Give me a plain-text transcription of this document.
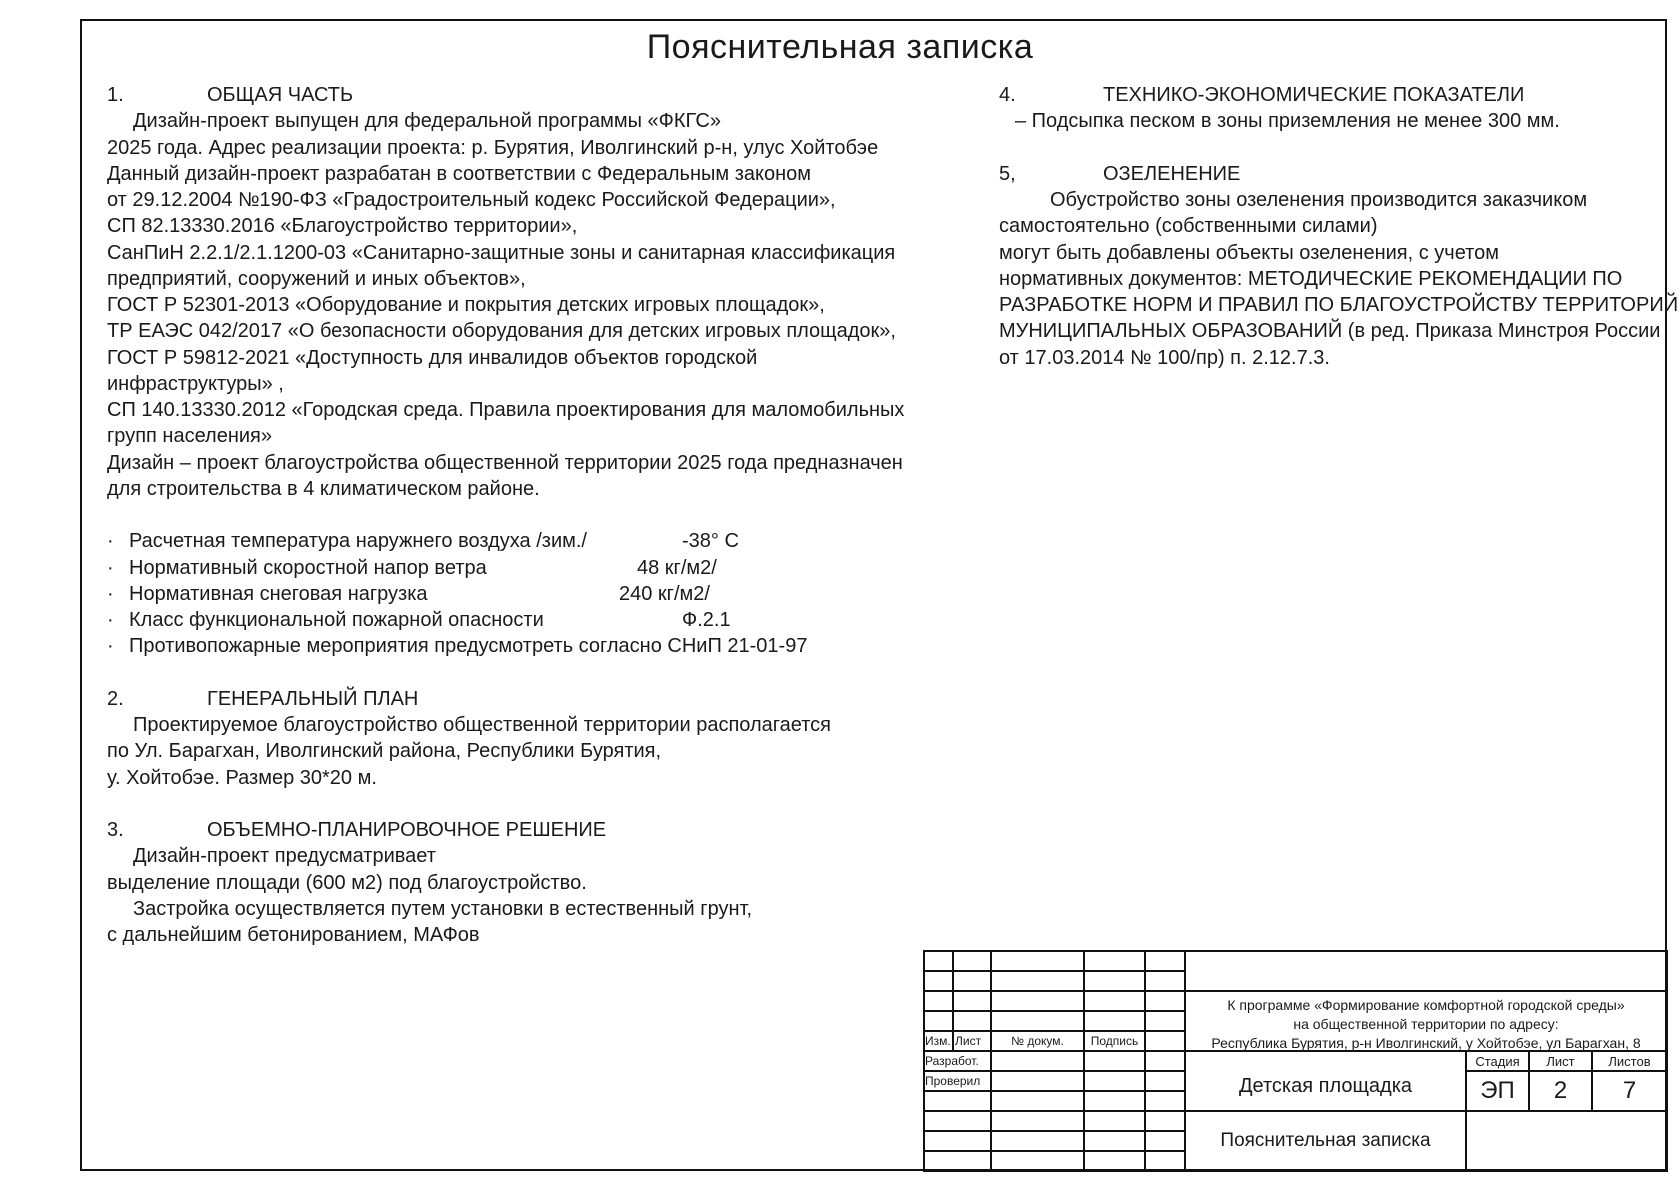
Пояснительная записка
1.	ОБЩАЯ ЧАСТЬ
Дизайн-проект выпущен для федеральной программы «ФКГС»
2025 года. Адрес реализации проекта: р. Бурятия, Иволгинский р-н, улус Хойтобэе
Данный дизайн-проект разрабатан в соответствии с Федеральным законом
от 29.12.2004 №190-ФЗ «Градостроительный кодекс Российской Федерации»,
СП 82.13330.2016 «Благоустройство территории»,
СанПиН 2.2.1/2.1.1200-03 «Санитарно-защитные зоны и санитарная классификация
предприятий, сооружений и иных объектов»,
ГОСТ Р 52301-2013 «Оборудование и покрытия детских игровых площадок»,
ТР ЕАЭС 042/2017 «О безопасности оборудования для детских игровых площадок»,
ГОСТ Р 59812-2021 «Доступность для инвалидов объектов городской
инфраструктуры» ,
СП 140.13330.2012 «Городская среда. Правила проектирования для маломобильных
групп населения»
Дизайн – проект благоустройства общественной территории 2025 года предназначен
для строительства в 4 климатическом районе.
· Расчетная температура наружнего воздуха /зим./	-38° С
· Нормативный скоростной напор ветра	48 кг/м2/
· Нормативная снеговая нагрузка	240 кг/м2/
· Класс функциональной пожарной опасности	Ф.2.1
· Противопожарные мероприятия предусмотреть согласно СНиП 21-01-97
2.	ГЕНЕРАЛЬНЫЙ ПЛАН
Проектируемое благоустройство общественной территории располагается
по Ул. Барагхан, Иволгинский района, Республики Бурятия,
у. Хойтобэе. Размер 30*20 м.
3.	ОБЪЕМНО-ПЛАНИРОВОЧНОЕ РЕШЕНИЕ
Дизайн-проект предусматривает
выделение площади (600 м2) под благоустройство.
Застройка осуществляется путем установки в естественный грунт,
с дальнейшим бетонированием, МАФов
4.	ТЕХНИКО-ЭКОНОМИЧЕСКИЕ ПОКАЗАТЕЛИ
– Подсыпка песком в зоны приземления не менее 300 мм.
5,	ОЗЕЛЕНЕНИЕ
Обустройство зоны озеленения производится заказчиком
самостоятельно (собственными силами)
могут быть добавлены объекты озеленения, с учетом
нормативных документов: МЕТОДИЧЕСКИЕ РЕКОМЕНДАЦИИ ПО
РАЗРАБОТКЕ НОРМ И ПРАВИЛ ПО БЛАГОУСТРОЙСТВУ ТЕРРИТОРИЙ
МУНИЦИПАЛЬНЫХ ОБРАЗОВАНИЙ (в ред. Приказа Минстроя России
от 17.03.2014 № 100/пр) п. 2.12.7.3.
К программе «Формирование комфортной городской среды»
на общественной территории по адресу:
Республика Бурятия, р-н Иволгинский, у Хойтобэе, ул Барагхан, 8
Изм. Лист	№ докум.	Подпись
Разработ.
Проверил	Детская площадка
Стадия	Лист	Листов
ЭП	2	7
Пояснительная записка
